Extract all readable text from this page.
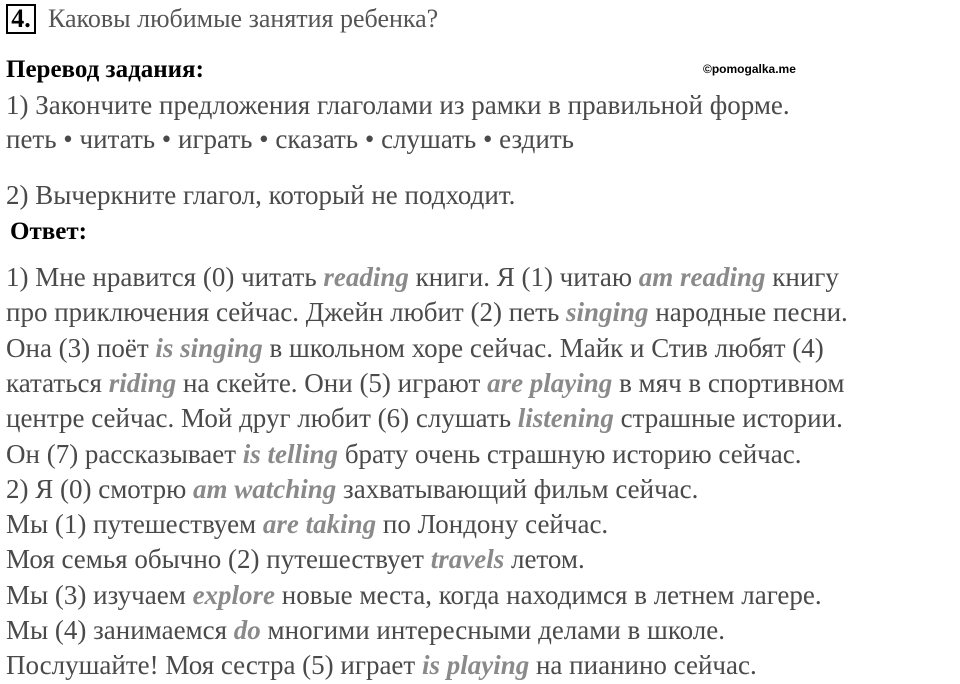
4. Каковы любимые занятия ребенка?
Перевод задания:	©pomogalka.me
1) Закончите предложения глаголами из рамки в правильной форме.
петь • читать • играть • сказать • слушать • ездить
2) Вычеркните глагол, который не подходит.
Ответ:
1) Мне нравится (0) читать reading книги. Я (1) читаю am reading книгу
про приключения сейчас. Джейн любит (2) петь singing народные песни.
Она (3) поёт is singing в школьном хоре сейчас. Майк и Стив любят (4)
кататься riding на скейте. Они (5) играют are playing в мяч в спортивном
центре сейчас. Мой друг любит (6) слушать listening страшные истории.
Он (7) рассказывает is telling брату очень страшную историю сейчас.
2) Я (0) смотрю am watching захватывающий фильм сейчас.
Мы (1) путешествуем are taking по Лондону сейчас.
Моя семья обычно (2) путешествует travels летом.
Мы (3) изучаем explore новые места, когда находимся в летнем лагере.
Мы (4) занимаемся do многими интересными делами в школе.
Послушайте! Моя сестра (5) играет is playing на пианино сейчас.
